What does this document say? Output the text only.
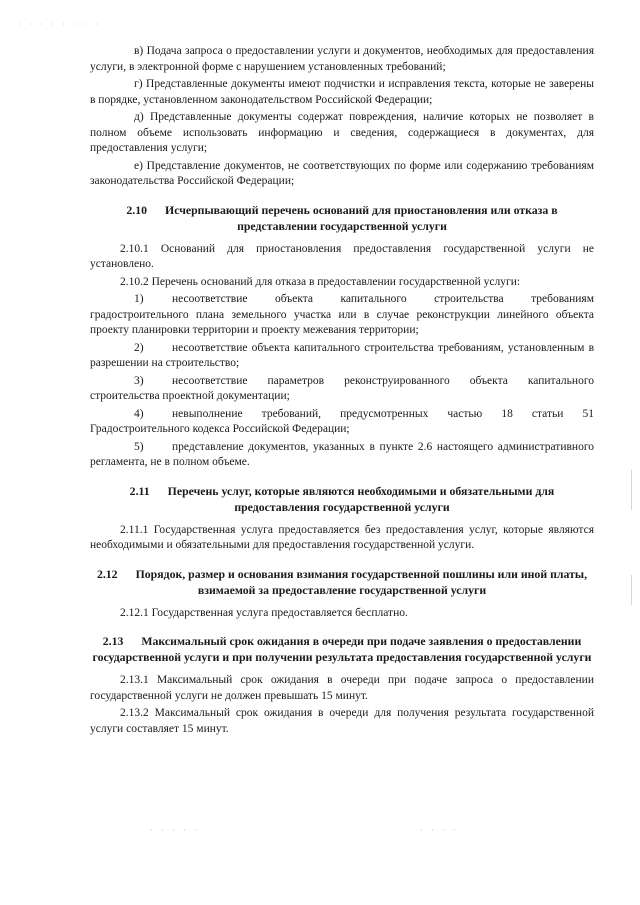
· · · · · · · ·

в) Подача запроса о предоставлении услуги и документов, необходимых для предоставления услуги, в электронной форме с нарушением установленных требований;

г) Представленные документы имеют подчистки и исправления текста, которые не заверены в порядке, установленном законодательством Российской Федерации;

д) Представленные документы содержат повреждения, наличие которых не позволяет в полном объеме использовать информацию и сведения, содержащиеся в документах, для предоставления услуги;

е) Представление документов, не соответствующих по форме или содержанию требованиям законодательства Российской Федерации;

2.10 Исчерпывающий перечень оснований для приостановления или отказа в представлении государственной услуги

2.10.1 Оснований для приостановления предоставления государственной услуги не установлено.

2.10.2 Перечень оснований для отказа в предоставлении государственной услуги:

1) несоответствие объекта капитального строительства требованиям градостроительного плана земельного участка или в случае реконструкции линейного объекта проекту планировки территории и проекту межевания территории;

2) несоответствие объекта капитального строительства требованиям, установленным в разрешении на строительство;

3) несоответствие параметров реконструированного объекта капитального строительства проектной документации;

4) невыполнение требований, предусмотренных частью 18 статьи 51 Градостроительного кодекса Российской Федерации;

5) представление документов, указанных в пункте 2.6 настоящего административного регламента, не в полном объеме.

2.11 Перечень услуг, которые являются необходимыми и обязательными для предоставления государственной услуги

2.11.1 Государственная услуга предоставляется без предоставления услуг, которые являются необходимыми и обязательными для предоставления государственной услуги.

2.12 Порядок, размер и основания взимания государственной пошлины или иной платы, взимаемой за предоставление государственной услуги

2.12.1 Государственная услуга предоставляется бесплатно.

2.13 Максимальный срок ожидания в очереди при подаче заявления о предоставлении государственной услуги и при получении результата предоставления государственной услуги

2.13.1 Максимальный срок ожидания в очереди при подаче запроса о предоставлении государственной услуги не должен превышать 15 минут.

2.13.2 Максимальный срок ожидания в очереди для получения результата государственной услуги составляет 15 минут.

· · · · ·	· · · ·
